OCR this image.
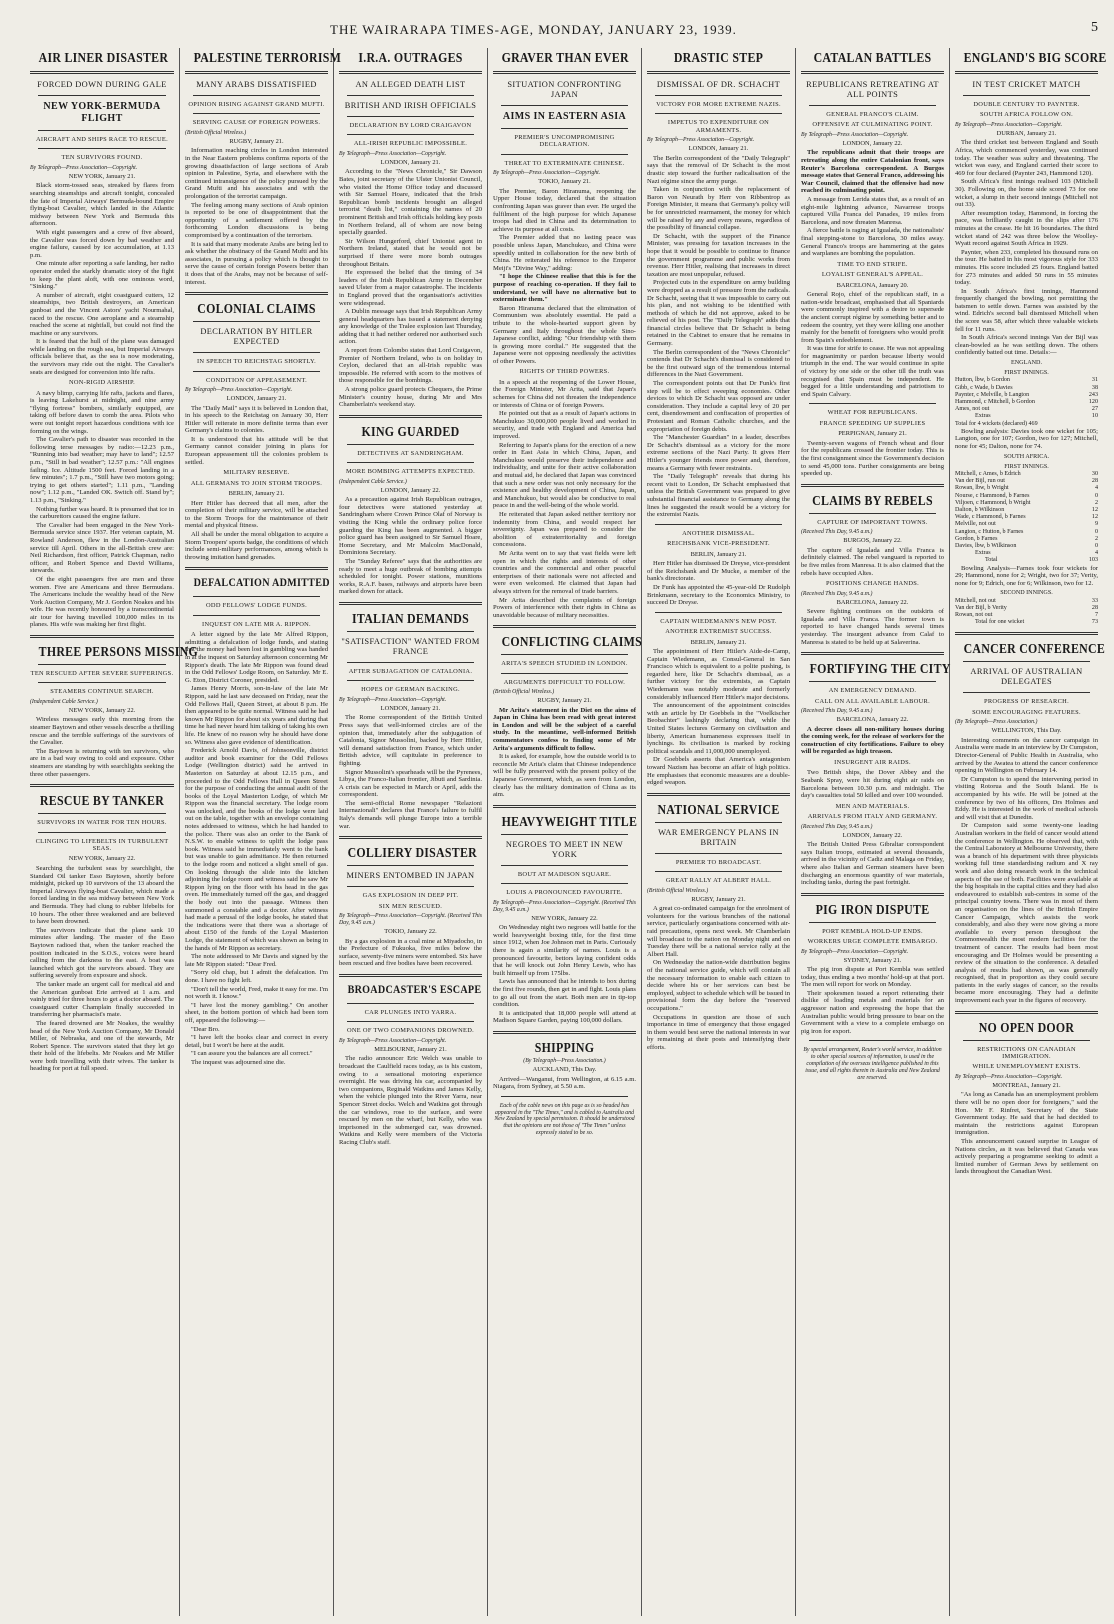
THE WAIRARAPA TIMES-AGE, MONDAY, JANUARY 23, 1939.	5
AIR LINER DISASTER
FORCED DOWN DURING GALE
NEW YORK-BERMUDA FLIGHT
AIRCRAFT AND SHIPS RACE TO RESCUE.
TEN SURVIVORS FOUND.
By Telegraph—Press Association—Copyright.
NEW YORK, January 21.

Black storm-tossed seas, streaked by flares from searching steamships and aircraft tonight, concealed the fate of Imperial Airways' Bermuda-bound Empire flying-boat Cavalier, which landed in the Atlantic midway between New York and Bermuda this afternoon.

With eight passengers and a crew of five aboard, the Cavalier was forced down by bad weather and engine failure, caused by ice accumulation, at 1.13 p.m.

One minute after reporting a safe landing, her radio operator ended the starkly dramatic story of the fight to keep the plant aloft, with one ominous word, "Sinking."

A number of aircraft, eight coastguard cutters, 12 steamships, two British destroyers, an American gunboat and the Vincent Astors' yacht Nourmahal, raced to the rescue. One aeroplane and a steamship reached the scene at nightfall, but could not find the machine or any survivors.

It is feared that the hull of the plane was damaged while landing on the rough sea, but Imperial Airways officials believe that, as the sea is now moderating, the survivors may ride out the night. The Cavalier's seats are designed for conversion into life rafts.

NON-RIGID AIRSHIP.

A navy blimp, carrying life rafts, jackets and flares, is leaving Lakehurst at midnight, and nine army "flying fortress" bombers, similarly equipped, are taking off before dawn to comb the area. Pilots who were out tonight report hazardous conditions with ice forming on the wings.

The Cavalier's path to disaster was recorded in the following terse messages by radio:—12.23 p.m., "Running into bad weather; may have to land"; 12.57 p.m., "Still in bad weather"; 12.57 p.m.: "All engines failing. Ice. Altitude 1500 feet. Forced landing in a few minutes"; 1.7 p.m., "Still have two motors going; trying to get others started"; 1.11 p.m., "Landing now"; 1.12 p.m., "Landed OK. Switch off. Stand by"; 1.13 p.m., "Sinking."

Nothing further was heard. It is presumed that ice in the carburettors caused the engine failure.

The Cavalier had been engaged in the New York-Bermuda service since 1937. Her veteran captain, M. Rowland Anderson, flew in the London-Australian service till April. Others in the all-British crew are: Neil Richardson, first officer, Patrick Chapman, radio officer, and Robert Spence and David Williams, stewards.

Of the eight passengers five are men and three women. Five are Americans and three Bermudans. The Americans include the wealthy head of the New York Auction Company, Mr J. Gordon Noakes and his wife. He was recently honoured by a transcontinental air tour for having travelled 100,000 miles in its planes. His wife was making her first flight.

THREE PERSONS MISSING
TEN RESCUED AFTER SEVERE SUFFERINGS.
STEAMERS CONTINUE SEARCH.
(Independent Cable Service.)
NEW YORK, January 22.

Wireless messages early this morning from the steamer Baytown and other vessels describe a thrilling rescue and the terrible sufferings of the survivors of the Cavalier.

The Baytown is returning with ten survivors, who are in a bad way owing to cold and exposure. Other steamers are standing by with searchlights seeking the three other passengers.

RESCUE BY TANKER
SURVIVORS IN WATER FOR TEN HOURS.
CLINGING TO LIFEBELTS IN TURBULENT SEAS.
NEW YORK, January 22.

Searching the turbulent seas by searchlight, the Standard Oil tanker Esso Baytown, shortly before midnight, picked up 10 survivors of the 13 aboard the Imperial Airways flying-boat Cavalier, which made a forced landing in the sea midway between New York and Bermuda. They had clung to rubber lifebelts for 10 hours. The other three weakened and are believed to have been drowned.

The survivors indicate that the plane sank 10 minutes after landing. The master of the Esso Baytown radioed that, when the tanker reached the position indicated in the S.O.S., voices were heard calling from the darkness to the east. A boat was launched which got the survivors aboard. They are suffering severely from exposure and shock.

The tanker made an urgent call for medical aid and the American gunboat Erie arrived at 1 a.m. and vainly tried for three hours to get a doctor aboard. The coastguard cutter Champlain finally succeeded in transferring her pharmacist's mate.

The feared drowned are Mr Noakes, the wealthy head of the New York Auction Company, Mr Donald Miller, of Nebraska, and one of the stewards, Mr Robert Spence. The survivors stated that they let go their hold of the lifebelts. Mr Noakes and Mr Miller were both travelling with their wives. The tanker is heading for port at full speed.

PALESTINE TERRORISM
MANY ARABS DISSATISFIED
OPINION RISING AGAINST GRAND MUFTI.
SERVING CAUSE OF FOREIGN POWERS.
(British Official Wireless.)
RUGBY, January 21.

Information reaching circles in London interested in the Near Eastern problems confirms reports of the growing dissatisfaction of large sections of Arab opinion in Palestine, Syria, and elsewhere with the continued intransigence of the policy pursued by the Grand Mufti and his associates and with the prolongation of the terrorist campaign.

The feeling among many sections of Arab opinion is reported to be one of disappointment that the opportunity of a settlement offered by the forthcoming London discussions is being compromised by a continuation of the terrorism.

It is said that many moderate Arabs are being led to ask whether the obstinacy of the Grand Mufti and his associates, in pursuing a policy which is thought to serve the cause of certain foreign Powers better than it does that of the Arabs, may not be because of self-interest.

COLONIAL CLAIMS
DECLARATION BY HITLER EXPECTED
IN SPEECH TO REICHSTAG SHORTLY.
CONDITION OF APPEASEMENT.
By Telegraph—Press Association—Copyright.
LONDON, January 21.

The "Daily Mail" says it is believed in London that, in his speech to the Reichstag on January 30, Herr Hitler will reiterate in more definite terms than ever Germany's claims to colonies.

It is understood that his attitude will be that Germany cannot consider joining in plans for European appeasement till the colonies problem is settled.

MILITARY RESERVE.
ALL GERMANS TO JOIN STORM TROOPS.
BERLIN, January 21.

Herr Hitler has decreed that all men, after the completion of their military service, will be attached to the Storm Troops for the maintenance of their mental and physical fitness.

All shall be under the moral obligation to acquire a Storm Troopers' sports badge, the conditions of which include semi-military performances, among which is throwing imitation hand grenades.

DEFALCATION ADMITTED
ODD FELLOWS' LODGE FUNDS.
INQUEST ON LATE MR A. RIPPON.

A letter signed by the late Mr Alfred Rippon, admitting a defalcation of lodge funds, and stating that the money had been lost in gambling was handed in at the inquest on Saturday afternoon concerning Mr Rippon's death. The late Mr Rippon was found dead in the Odd Fellows' Lodge Room, on Saturday. Mr E. G. Eton, District Coroner, presided.

James Henry Morris, son-in-law of the late Mr Rippon, said he last saw deceased on Friday, near the Odd Fellows Hall, Queen Street, at about 8 p.m. He then appeared to be quite normal. Witness said he had known Mr Rippon for about six years and during that time he had never heard him talking of taking his own life. He knew of no reason why he should have done so. Witness also gave evidence of identification.

Frederick Arnold Davis, of Johnsonville, district auditor and book examiner for the Odd Fellows Lodge (Wellington district) said he arrived in Masterton on Saturday at about 12.15 p.m., and proceeded to the Odd Fellows Hall in Queen Street for the purpose of conducting the annual audit of the books of the Loyal Masterton Lodge, of which Mr Rippon was the financial secretary. The lodge room was unlocked, and the books of the lodge were laid out on the table, together with an envelope containing notes addressed to witness, which he had handed to the police. There was also an order to the Bank of N.S.W. to enable witness to uplift the lodge pass book. Witness said he immediately went to the bank but was unable to gain admittance. He then returned to the lodge room and noticed a slight smell of gas. On looking through the slide into the kitchen adjoining the lodge room and witness said he saw Mr Rippon lying on the floor with his head in the gas oven. He immediately turned off the gas, and dragged the body out into the passage. Witness then summoned a constable and a doctor. After witness had made a perusal of the lodge books, he stated that the indications were that there was a shortage of about £150 of the funds of the Loyal Masterton Lodge, the statement of which was shown as being in the hands of Mr Rippon as secretary.

The note addressed to Mr Davis and signed by the late Mr Rippon stated: "Dear Fred.

"Sorry old chap, but I admit the defalcation. I'm done. I have no fight left.

"Don't tell the world, Fred, make it easy for me. I'm not worth it. I know."

"I have lost the money gambling." On another sheet, in the bottom portion of which had been torn off, appeared the following:—

"Dear Bro.

"I have left the books clear and correct in every detail, but I won't be here at the audit.

"I can assure you the balances are all correct."

The inquest was adjourned sine die.

I.R.A. OUTRAGES
AN ALLEGED DEATH LIST
BRITISH AND IRISH OFFICIALS
DECLARATION BY LORD CRAIGAVON
ALL-IRISH REPUBLIC IMPOSSIBLE.
By Telegraph—Press Association—Copyright.
LONDON, January 21.

According to the "News Chronicle," Sir Dawson Bates, joint secretary of the Ulster Unionist Council, who visited the Home Office today and discussed with Sir Samuel Hoare, indicated that the Irish Republican bomb incidents brought an alleged terrorist "death list," containing the names of 20 prominent British and Irish officials holding key posts in Northern Ireland, all of whom are now being specially guarded.

Sir Wilson Hungerford, chief Unionist agent in Northern Ireland, stated that he would not be surprised if there were more bomb outrages throughout Britain.

He expressed the belief that the timing of 34 leaders of the Irish Republican Army in December saved Ulster from a major catastrophe. The incidents in England proved that the organisation's activities were widespread.

A Dublin message says that Irish Republican Army general headquarters has issued a statement denying any knowledge of the Tralee explosion last Thursday, adding that it had neither ordered nor authorised such action.

A report from Colombo states that Lord Craigavon, Premier of Northern Ireland, who is on holiday in Ceylon, declared that an all-Irish republic was impossible. He referred with scorn to the motives of those responsible for the bombings.

A strong police guard protects Chequers, the Prime Minister's country house, during Mr and Mrs Chamberlain's weekend stay.

KING GUARDED
DETECTIVES AT SANDRINGHAM.
MORE BOMBING ATTEMPTS EXPECTED.
(Independent Cable Service.)
LONDON, January 22.

As a precaution against Irish Republican outrages, four detectives were stationed yesterday at Sandringham where Crown Prince Olaf of Norway is visiting the King while the ordinary police force guarding the King has been augmented. A bigger police guard has been assigned to Sir Samuel Hoare, Home Secretary, and Mr Malcolm MacDonald, Dominions Secretary.

The "Sunday Referee" says that the authorities are ready to meet a huge outbreak of bombing attempts scheduled for tonight. Power stations, munitions works, R.A.F. bases, railways and airports have been marked down for attack.

ITALIAN DEMANDS
"SATISFACTION" WANTED FROM FRANCE
AFTER SUBJAGATION OF CATALONIA.
HOPES OF GERMAN BACKING.
By Telegraph—Press Association—Copyright.
LONDON, January 21.

The Rome correspondent of the British United Press says that well-informed circles are of the opinion that, immediately after the subjugation of Catalonia, Signor Mussolini, backed by Herr Hitler, will demand satisfaction from France, which under British advice, will capitulate in preference to fighting.

Signor Mussolini's spearheads will be the Pyrenees, Libya, the Franco-Italian frontier, Jibuti and Sardinia. A crisis can be expected in March or April, adds the correspondent.

The semi-official Rome newspaper "Relazioni Internazionali" declares that France's failure to fulfil Italy's demands will plunge Europe into a terrible war.

COLLIERY DISASTER
MINERS ENTOMBED IN JAPAN
GAS EXPLOSION IN DEEP PIT.
SIX MEN RESCUED.
By Telegraph—Press Association—Copyright. (Received This Day, 9.45 a.m.)
TOKIO, January 22.

By a gas explosion in a coal mine at Miyadocho, in the Prefecture of Fukuoka, five miles below the surface, seventy-five miners were entombed. Six have been rescued and five bodies have been recovered.

BROADCASTER'S ESCAPE
CAR PLUNGES INTO YARRA.
ONE OF TWO COMPANIONS DROWNED.
By Telegraph—Press Association—Copyright.
MELBOURNE, January 21.

The radio announcer Eric Welch was unable to broadcast the Caulfield races today, as is his custom, owing to a sensational motoring experience overnight. He was driving his car, accompanied by two companions, Reginald Watkins and James Kelly, when the vehicle plunged into the River Yarra, near Spencer Street docks. Welch and Watkins got through the car windows, rose to the surface, and were rescued by men on the wharf, but Kelly, who was imprisoned in the submerged car, was drowned. Watkins and Kelly were members of the Victoria Racing Club's staff.

GRAVER THAN EVER
SITUATION CONFRONTING JAPAN
AIMS IN EASTERN ASIA
PREMIER'S UNCOMPROMISING DECLARATION.
THREAT TO EXTERMINATE CHINESE.
By Telegraph—Press Association—Copyright.
TOKIO, January 21.

The Premier, Baron Hiranuma, reopening the Upper House today, declared that the situation confronting Japan was graver than ever. He urged the fulfilment of the high purpose for which Japanese troops had died in China and its determination to achieve its purpose at all costs.

The Premier added that no lasting peace was possible unless Japan, Manchukuo, and China were speedily united in collaboration for the new birth of China. He reiterated his reference to the Emperor Meiji's "Divine Way," adding:

"I hope the Chinese realise that this is for the purpose of reaching co-operation. If they fail to understand, we will have no alternative but to exterminate them."

Baron Hiranuma declared that the elimination of Communism was absolutely essential. He paid a tribute to the whole-hearted support given by Germany and Italy throughout the whole Sino-Japanese conflict, adding: "Our friendship with them is growing more cordial." He suggested that the Japanese were not opposing needlessly the activities of other Powers.

RIGHTS OF THIRD POWERS.

In a speech at the reopening of the Lower House, the Foreign Minister, Mr Arita, said that Japan's schemes for China did not threaten the independence or interests of China or of foreign Powers.

He pointed out that as a result of Japan's actions in Manchukuo 30,000,000 people lived and worked in security, and trade with England and America had improved.

Referring to Japan's plans for the erection of a new order in East Asia in which China, Japan, and Manchukuo would preserve their independence and individuality, and unite for their active collaboration and mutual aid, he declared that Japan was convinced that such a new order was not only necessary for the existence and healthy development of China, Japan, and Manchukuo, but would also be conducive to real peace in and the well-being of the whole world.

He reiterated that Japan asked neither territory nor indemnity from China, and would respect her sovereignty. Japan was prepared to consider the abolition of extraterritoriality and foreign concessions.

Mr Arita went on to say that vast fields were left open in which the rights and interests of other countries and the commercial and other peaceful enterprises of their nationals were not affected and were even welcomed. He claimed that Japan had always striven for the removal of trade barriers.

Mr Arita described the complaints of foreign Powers of interference with their rights in China as unavoidable because of military necessities.

CONFLICTING CLAIMS
ARITA'S SPEECH STUDIED IN LONDON.
ARGUMENTS DIFFICULT TO FOLLOW.
(British Official Wireless.)
RUGBY, January 21.

Mr Arita's statement in the Diet on the aims of Japan in China has been read with great interest in London and will be the subject of a careful study. In the meantime, well-informed British commentators confess to finding some of Mr Arita's arguments difficult to follow.

It is asked, for example, how the outside world is to reconcile Mr Arita's claim that Chinese independence will be fully preserved with the present policy of the Japanese Government, which, as seen from London, clearly has the military domination of China as its aim.

HEAVYWEIGHT TITLE
NEGROES TO MEET IN NEW YORK
BOUT AT MADISON SQUARE.
LOUIS A PRONOUNCED FAVOURITE.
By Telegraph—Press Association—Copyright. (Received This Day, 9.45 a.m.)
NEW YORK, January 22.

On Wednesday night two negroes will battle for the world heavyweight boxing title, for the first time since 1912, when Joe Johnson met in Paris. Curiously there is again a similarity of names. Louis is a pronounced favourite, bettors laying confident odds that he will knock out John Henry Lewis, who has built himself up from 175lbs.

Lewis has announced that he intends to box during the first five rounds, then get in and fight. Louis plans to go all out from the start. Both men are in tip-top condition.

It is anticipated that 18,000 people will attend at Madison Square Garden, paying 100,000 dollars.

SHIPPING
(By Telegraph—Press Association.)
AUCKLAND, This Day.

Arrived—Wanganui, from Wellington, at 6.15 a.m. Niagara, from Sydney, at 5.50 a.m.

Each of the cable news on this page as is so headed has appeared in the "The Times," and is cabled to Australia and New Zealand by special permission. It should be understood that the opinions are not those of "The Times" unless expressly stated to be so.
DRASTIC STEP
DISMISSAL OF DR. SCHACHT
VICTORY FOR MORE EXTREME NAZIS.
IMPETUS TO EXPENDITURE ON ARMAMENTS.
By Telegraph—Press Association—Copyright.
LONDON, January 21.

The Berlin correspondent of the "Daily Telegraph" says that the removal of Dr Schacht is the most drastic step toward the further radicalisation of the Nazi régime since the army purge.

Taken in conjunction with the replacement of Baron von Neurath by Herr von Ribbentrop as Foreign Minister, it means that Germany's policy will be for unrestricted rearmament, the money for which will be raised by any and every means, regardless of the possibility of financial collapse.

Dr Schacht, with the support of the Finance Minister, was pressing for taxation increases in the hope that it would be possible to continue to finance the government programme and public works from revenue. Herr Hitler, realising that increases in direct taxation are most unpopular, refused.

Projected cuts in the expenditure on army building were dropped as a result of pressure from the radicals. Dr Schacht, seeing that it was impossible to carry out his plan, and not wishing to be identified with methods of which he did not approve, asked to be relieved of his post. The "Daily Telegraph" adds that financial circles believe that Dr Schacht is being retained in the Cabinet to ensure that he remains in Germany.

The Berlin correspondent of the "News Chronicle" contends that Dr Schacht's dismissal is considered to be the first outward sign of the tremendous internal differences in the Nazi Government.

The correspondent points out that Dr Funk's first step will be to effect sweeping economies. Other devices to which Dr Schacht was opposed are under consideration. They include a capital levy of 20 per cent, disendowment and confiscation of properties of Protestant and Roman Catholic churches, and the expropriation of foreign debts.

The "Manchester Guardian" in a leader, describes Dr Schacht's dismissal as a victory for the more extreme sections of the Nazi Party. It gives Herr Hitler's younger friends more power and, therefore, means a Germany with fewer restraints.

The "Daily Telegraph" reveals that during his recent visit to London, Dr Schacht emphasised that unless the British Government was prepared to give substantial financial assistance to Germany along the lines he suggested the result would be a victory for the extremist Nazis.

ANOTHER DISMISSAL.
REICHSBANK VICE-PRESIDENT.
BERLIN, January 21.

Herr Hitler has dismissed Dr Dreyse, vice-president of the Reichsbank and Dr Mucke, a member of the bank's directorate.

Dr Funk has appointed the 45-year-old Dr Rudolph Brinkmann, secretary to the Economics Ministry, to succeed Dr Dreyse.

CAPTAIN WIEDEMANN'S NEW POST.
ANOTHER EXTREMIST SUCCESS.
BERLIN, January 21.

The appointment of Herr Hitler's Aide-de-Camp, Captain Wiedemann, as Consul-General in San Francisco which is equivalent to a polite pushing, is regarded here, like Dr Schacht's dismissal, as a further victory for the extremists, as Captain Wiedemann was notably moderate and formerly considerably influenced Herr Hitler's major decisions.

The announcement of the appointment coincides with an article by Dr Goebbels in the "Voelkischer Beobachter" lashingly declaring that, while the United States lectures Germany on civilisation and liberty, American humaneness expresses itself in lynchings. Its civilisation is marked by rocking political scandals and 11,000,000 unemployed.

Dr Goebbels asserts that America's antagonism toward Nazism has become an affair of high politics. He emphasises that economic measures are a double-edged weapon.

NATIONAL SERVICE
WAR EMERGENCY PLANS IN BRITAIN
PREMIER TO BROADCAST.
GREAT RALLY AT ALBERT HALL.
(British Official Wireless.)
RUGBY, January 21.

A great co-ordinated campaign for the enrolment of volunteers for the various branches of the national service, particularly organisations concerned with air-raid precautions, opens next week. Mr Chamberlain will broadcast to the nation on Monday night and on Tuesday there will be a national service rally at the Albert Hall.

On Wednesday the nation-wide distribution begins of the national service guide, which will contain all the necessary information to enable each citizen to decide where his or her services can best be employed, subject to schedule which will be issued in provisional form the day before the "reserved occupations."

Occupations in question are those of such importance in time of emergency that those engaged in them would best serve the national interests in war by remaining at their posts and intensifying their efforts.

CATALAN BATTLES
REPUBLICANS RETREATING AT ALL POINTS
GENERAL FRANCO'S CLAIM.
OFFENSIVE AT CULMINATING POINT.
By Telegraph—Press Association—Copyright.
LONDON, January 22.

The republicans admit that their troops are retreating along the entire Catalonian front, says Reuter's Barcelona correspondent. A Burgos message states that General Franco, addressing his War Council, claimed that the offensive had now reached its culminating point.

A message from Lerida states that, as a result of an eight-mile lightning advance, Navarrese troops captured Villa Franca del Panades, 19 miles from Barcelona, and now threaten Manresa.

A fierce battle is raging at Igualada, the nationalists' final stepping-stone to Barcelona, 30 miles away. General Franco's troops are hammering at the gates and warplanes are bombing the population.

TIME TO END STRIFE.
LOYALIST GENERAL'S APPEAL.
BARCELONA, January 20.

General Rojo, chief of the republican staff, in a nation-wide broadcast, emphasised that all Spaniards were commonly inspired with a desire to supersede the ancient corrupt régime by something better and to redeem the country, yet they were killing one another mainly for the benefit of foreigners who would profit from Spain's enfeeblement.

It was time for strife to cease. He was not appealing for magnanimity or pardon because liberty would triumph in the end. The war would continue in spite of victory by one side or the other till the truth was recognised that Spain must be independent. He begged for a little understanding and patriotism to end Spain Calvary.

WHEAT FOR REPUBLICANS.
FRANCE SPEEDING UP SUPPLIES
PERPIGNAN, January 21.

Twenty-seven wagons of French wheat and flour for the republicans crossed the frontier today. This is the first consignment since the Government's decision to send 45,000 tons. Further consignments are being speeded up.

CLAIMS BY REBELS
CAPTURE OF IMPORTANT TOWNS.
(Received This Day, 9.45 a.m.)
BURGOS, January 22.

The capture of Igualada and Villa Franca is definitely claimed. The rebel vanguard is reported to be five miles from Manresa. It is also claimed that the rebels have occupied Altes.

POSITIONS CHANGE HANDS.
(Received This Day, 9.45 a.m.)
BARCELONA, January 22.

Severe fighting continues on the outskirts of Igualada and Villa Franca. The former town is reported to have changed hands several times yesterday. The insurgent advance from Calaf to Manresa is stated to be held up at Salaverina.

FORTIFYING THE CITY
AN EMERGENCY DEMAND.
CALL ON ALL AVAILABLE LABOUR.
(Received This Day, 9.45 a.m.)
BARCELONA, January 22.

A decree closes all non-military houses during the coming week, for the release of workers for the construction of city fortifications. Failure to obey will be regarded as high treason.

INSURGENT AIR RAIDS.

Two British ships, the Dover Abbey and the Seabank Spray, were hit during eight air raids on Barcelona between 10.30 p.m. and midnight. The day's casualties total 50 killed and over 100 wounded.

MEN AND MATERIALS.
ARRIVALS FROM ITALY AND GERMANY.
(Received This Day, 9.45 a.m.)
LONDON, January 22.

The British United Press Gibraltar correspondent says Italian troops, estimated at several thousands, arrived in the vicinity of Cadiz and Malaga on Friday, where also Italian and German steamers have been discharging an enormous quantity of war materials, including tanks, during the past fortnight.

PIG IRON DISPUTE
PORT KEMBLA HOLD-UP ENDS.
WORKERS URGE COMPLETE EMBARGO.
By Telegraph—Press Association—Copyright.
SYDNEY, January 21.

The pig iron dispute at Port Kembla was settled today, thus ending a two months' hold-up at that port. The men will report for work on Monday.

Their spokesmen issued a report reiterating their dislike of loading metals and materials for an aggressor nation and expressing the hope that the Australian public would bring pressure to bear on the Government with a view to a complete embargo on pig iron for export.

By special arrangement, Reuter's world service, in addition to other special sources of information, is used in the compilation of the overseas intelligence published in this issue, and all rights therein in Australia and New Zealand are reserved.
ENGLAND'S BIG SCORE
IN TEST CRICKET MATCH
DOUBLE CENTURY TO PAYNTER.
SOUTH AFRICA FOLLOW ON.
By Telegraph—Press Association—Copyright.
DURBAN, January 21.

The third cricket test between England and South Africa, which commenced yesterday, was continued today. The weather was sultry and threatening. The wicket was easy, and England carried their score to 469 for four declared (Paynter 243, Hammond 120).

South Africa's first innings realised 103 (Mitchell 30). Following on, the home side scored 73 for one wicket, a slump in their second innings (Mitchell not out 33).

After resumption today, Hammond, in forcing the pace, was brilliantly caught in the slips after 176 minutes at the crease. He hit 16 boundaries. The third wicket stand of 242 was three below the Woolley-Wyatt record against South Africa in 1929.

Paynter, when 233, completed his thousand runs on the tour. He batted in his most vigorous style for 333 minutes. His score included 25 fours. England batted for 273 minutes and added 50 runs in 55 minutes today.

In South Africa's first innings, Hammond frequently changed the bowling, not permitting the batsmen to settle down. Farnes was assisted by the wind. Edrich's second ball dismissed Mitchell when the score was 58, after which three valuable wickets fell for 11 runs.

In South Africa's second innings Van der Bijl was clean-bowled as he was settling down. The others confidently batted out time. Details:—

ENGLAND.
FIRST INNINGS.
Hutton, lbw, b Gordon	31
Gibb, c Wade, b Davies	38
Paynter, c Melville, b Langton	243
Hammond, c Mitchell, b Gordon	120
Ames, not out	27
Extras	10
Total for 4 wickets (declared) 469

Bowling analysis: Davies took one wicket for 105; Langton, one for 107; Gordon, two for 127; Mitchell, none for 45; Dalton, none for 74.

SOUTH AFRICA.
FIRST INNINGS.
Mitchell, c Ames, b Edrich	30
Van der Bijl, run out	28
Rowan, lbw, b Wright	4
Nourse, c Hammond, b Farnes	0
Viljoen, c Hammond, b Wright	2
Dalton, b Wilkinson	12
Wade, c Hammond, b Farnes	12
Melville, not out	9
Langton, c Hutton, b Farnes	0
Gordon, b Farnes	2
Davies, lbw, b Wilkinson	0
Extras	4
Total	103

Bowling Analysis—Farnes took four wickets for 29; Hammond, none for 2; Wright, two for 37; Verity, none for 9; Edrich, one for 6; Wilkinson, two for 12.

SECOND INNINGS.
Mitchell, not out	33
Van der Bijl, b Verity	28
Rowan, not out	7
Total for one wicket	73
CANCER CONFERENCE
ARRIVAL OF AUSTRALIAN DELEGATES
PROGRESS OF RESEARCH.
SOME ENCOURAGING FEATURES.
(By Telegraph—Press Association.)
WELLINGTON, This Day.

Interesting comments on the cancer campaign in Australia were made in an interview by Dr Cumpston, Director-General of Public Health in Australia, who arrived by the Awatea to attend the cancer conference opening in Wellington on February 14.

Dr Cumpston is to spend the intervening period in visiting Rotorua and the South Island. He is accompanied by his wife. He will be joined at the conference by two of his officers, Drs Holmes and Eddy. He is interested in the work of medical schools and will visit that at Dunedin.

Dr Cumpston said some twenty-one leading Australian workers in the field of cancer would attend the conference in Wellington. He observed that, with the Central Laboratory at Melbourne University, there was a branch of his department with three physicists working full time standardising radium and X ray work and also doing research work in the technical aspects of the use of both. Facilities were available at the big hospitals in the capital cities and they had also endeavoured to establish sub-centres in some of the principal country towns. There was in most of them an organisation on the lines of the British Empire Cancer Campaign, which assists the work considerably, and also they were now giving a more available to every person throughout the Commonwealth the most modern facilities for the treatment of cancer. The results had been most encouraging and Dr Holmes would be presenting a review of the situation to the conference. A detailed analysis of results had shown, as was generally recognised, that in proportion as they could secure patients in the early stages of cancer, so the results became more encouraging. They had a definite improvement each year in the figures of recovery.

NO OPEN DOOR
RESTRICTIONS ON CANADIAN IMMIGRATION.
WHILE UNEMPLOYMENT EXISTS.
By Telegraph—Press Association—Copyright.
MONTREAL, January 21.

"As long as Canada has an unemployment problem there will be no open door for foreigners," said the Hon. Mr F. Rinfret, Secretary of the State Government today. He said that he had decided to maintain the restrictions against European immigration.

This announcement caused surprise in League of Nations circles, as it was believed that Canada was actively preparing a programme seeking to admit a limited number of German Jews by settlement on lands throughout the Canadian West.
